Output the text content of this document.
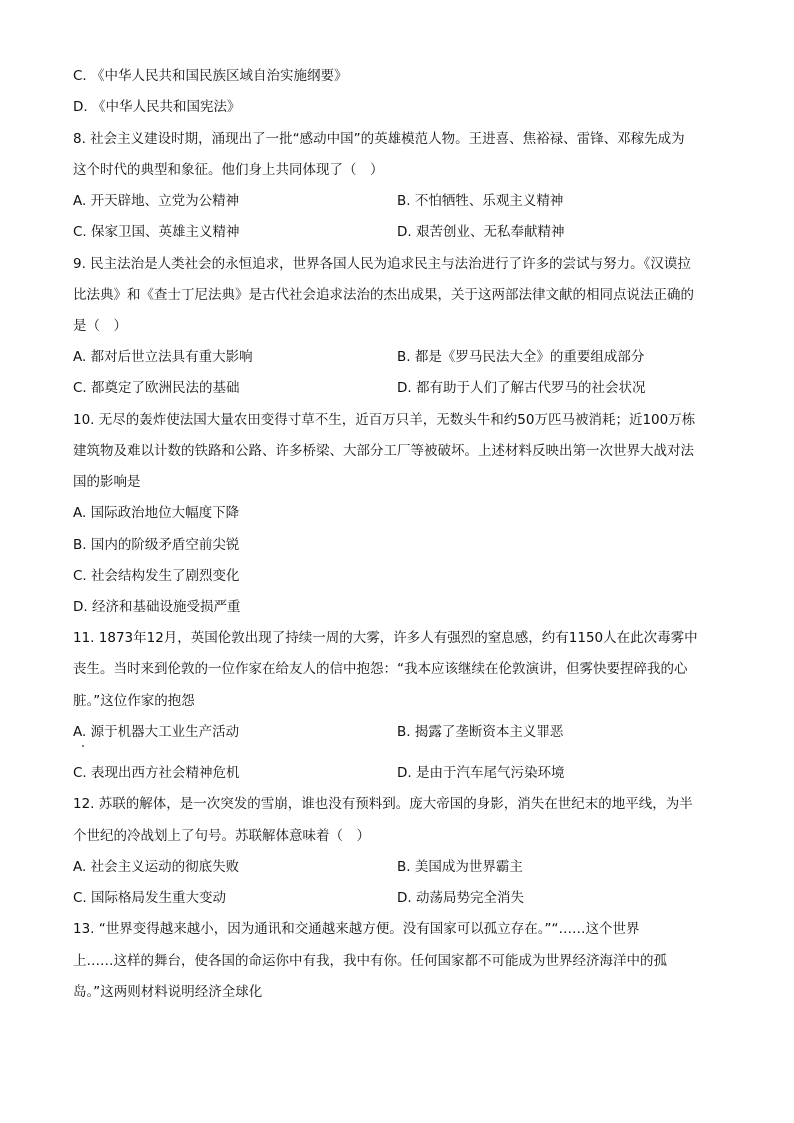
C. 《中华人民共和国民族区域自治实施纲要》
D. 《中华人民共和国宪法》
8. 社会主义建设时期，涌现出了一批“感动中国”的英雄模范人物。王进喜、焦裕禄、雷锋、邓稼先成为
这个时代的典型和象征。他们身上共同体现了（　）
A. 开天辟地、立党为公精神	B. 不怕牺牲、乐观主义精神
C. 保家卫国、英雄主义精神	D. 艰苦创业、无私奉献精神
9. 民主法治是人类社会的永恒追求，世界各国人民为追求民主与法治进行了许多的尝试与努力。《汉谟拉
比法典》和《查士丁尼法典》是古代社会追求法治的杰出成果，关于这两部法律文献的相同点说法正确的
是（　）
A. 都对后世立法具有重大影响	B. 都是《罗马民法大全》的重要组成部分
C. 都奠定了欧洲民法的基础	D. 都有助于人们了解古代罗马的社会状况
10. 无尽的轰炸使法国大量农田变得寸草不生，近百万只羊，无数头牛和约50万匹马被消耗；近100万栋
建筑物及难以计数的铁路和公路、许多桥梁、大部分工厂等被破坏。上述材料反映出第一次世界大战对法
国的影响是
A. 国际政治地位大幅度下降
B. 国内的阶级矛盾空前尖锐
C. 社会结构发生了剧烈变化
D. 经济和基础设施受损严重
11. 1873年12月，英国伦敦出现了持续一周的大雾，许多人有强烈的窒息感，约有1150人在此次毒雾中
丧生。当时来到伦敦的一位作家在给友人的信中抱怨：“我本应该继续在伦敦演讲，但雾快要捏碎我的心
脏。”这位作家的抱怨
A. 源于机器大工业生产活动	B. 揭露了垄断资本主义罪恶
C. 表现出西方社会精神危机	D. 是由于汽车尾气污染环境
12. 苏联的解体，是一次突发的雪崩，谁也没有预料到。庞大帝国的身影，消失在世纪末的地平线，为半
个世纪的冷战划上了句号。苏联解体意味着（　）
A. 社会主义运动的彻底失败	B. 美国成为世界霸主
C. 国际格局发生重大变动	D. 动荡局势完全消失
13. “世界变得越来越小，因为通讯和交通越来越方便。没有国家可以孤立存在。”“……这个世界
上……这样的舞台，使各国的命运你中有我，我中有你。任何国家都不可能成为世界经济海洋中的孤
岛。”这两则材料说明经济全球化
